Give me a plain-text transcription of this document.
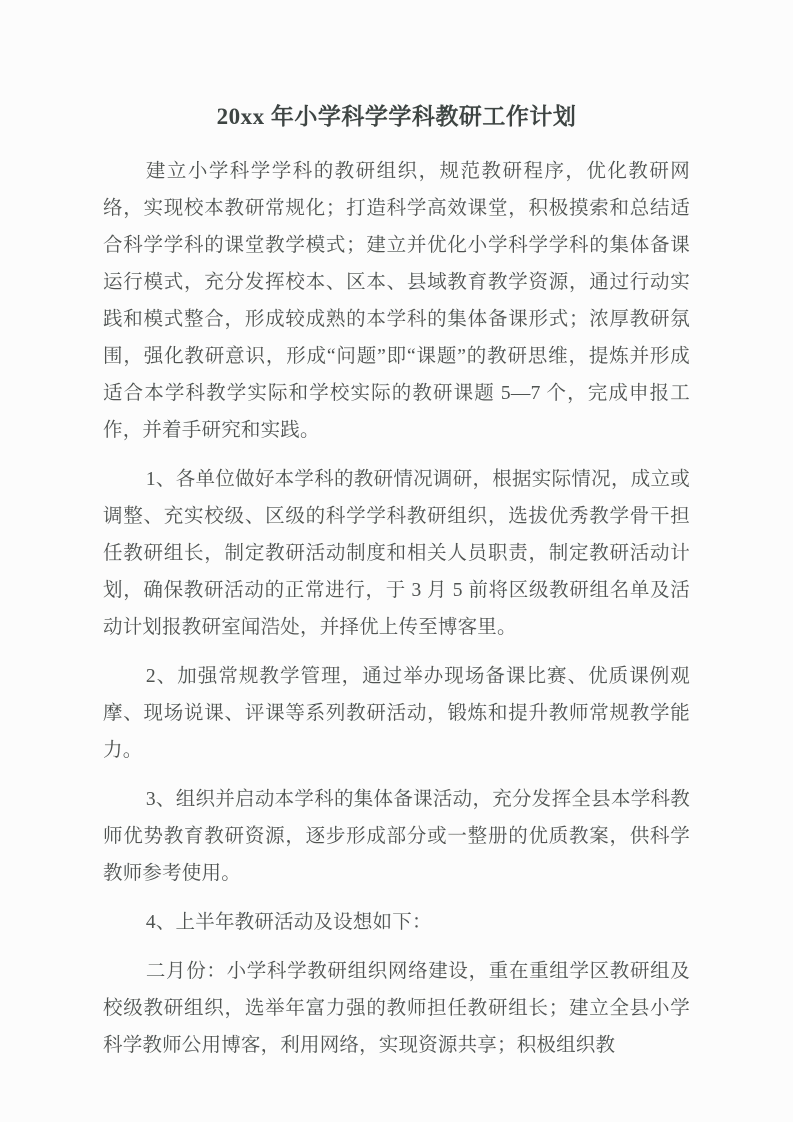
20xx 年小学科学学科教研工作计划

建立小学科学学科的教研组织，规范教研程序，优化教研网络，实现校本教研常规化；打造科学高效课堂，积极摸索和总结适合科学学科的课堂教学模式；建立并优化小学科学学科的集体备课运行模式，充分发挥校本、区本、县域教育教学资源，通过行动实践和模式整合，形成较成熟的本学科的集体备课形式；浓厚教研氛围，强化教研意识，形成“问题”即“课题”的教研思维，提炼并形成适合本学科教学实际和学校实际的教研课题 5—7 个，完成申报工作，并着手研究和实践。

1、各单位做好本学科的教研情况调研，根据实际情况，成立或调整、充实校级、区级的科学学科教研组织，选拔优秀教学骨干担任教研组长，制定教研活动制度和相关人员职责，制定教研活动计划，确保教研活动的正常进行，于 3 月 5 前将区级教研组名单及活动计划报教研室闻浩处，并择优上传至博客里。

2、加强常规教学管理，通过举办现场备课比赛、优质课例观摩、现场说课、评课等系列教研活动，锻炼和提升教师常规教学能力。

3、组织并启动本学科的集体备课活动，充分发挥全县本学科教师优势教育教研资源，逐步形成部分或一整册的优质教案，供科学教师参考使用。

4、上半年教研活动及设想如下：

二月份：小学科学教研组织网络建设，重在重组学区教研组及校级教研组织，选举年富力强的教师担任教研组长；建立全县小学科学教师公用博客，利用网络，实现资源共享；积极组织教
